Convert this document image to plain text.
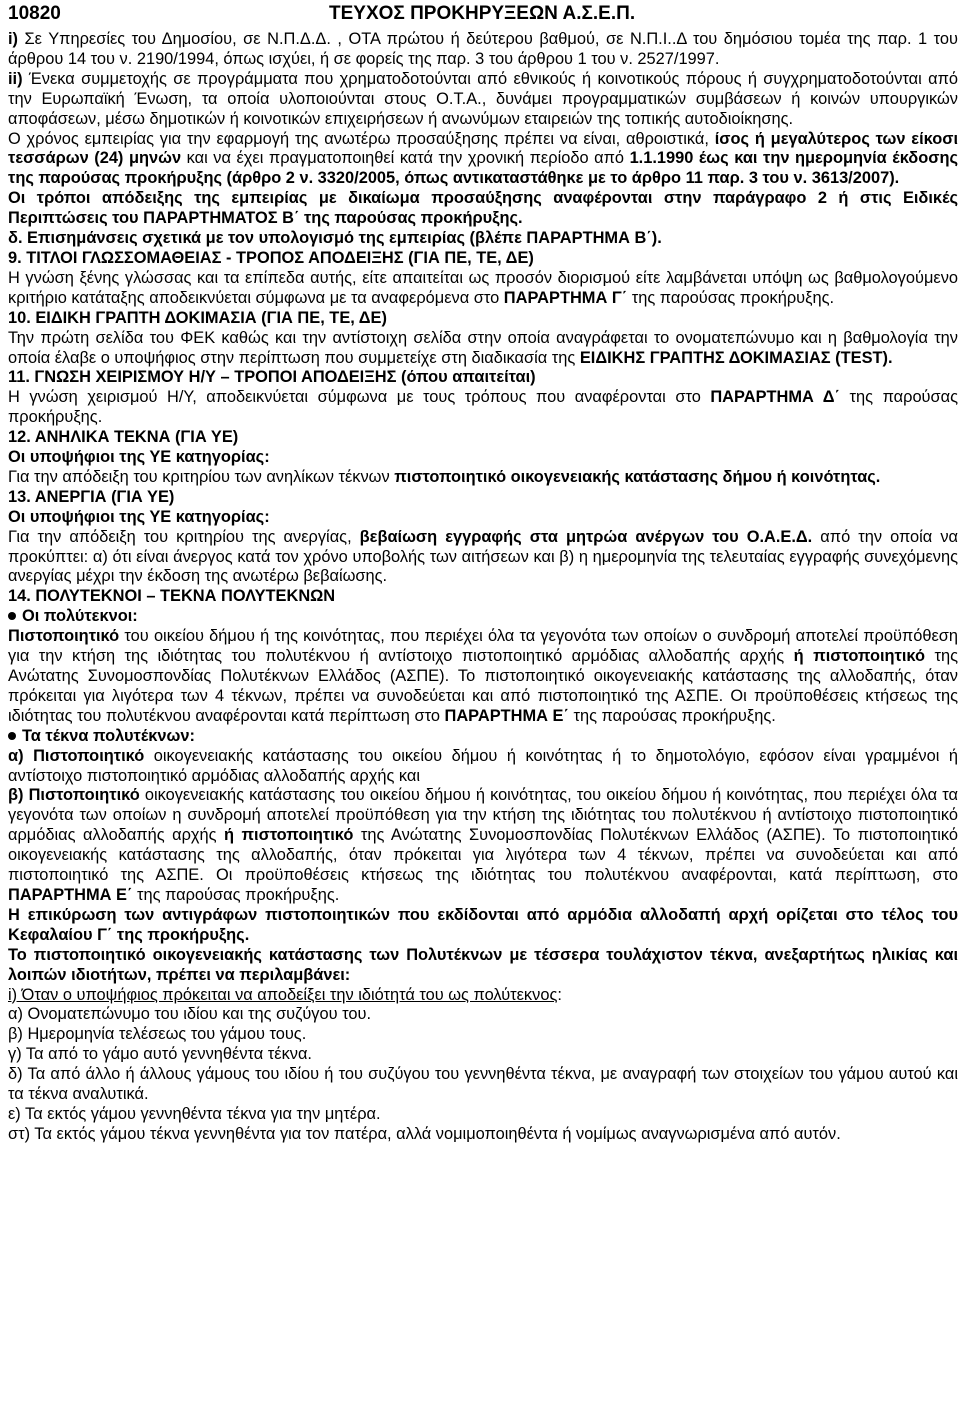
10820	ΤΕΥΧΟΣ ΠΡΟΚΗΡΥΞΕΩΝ Α.Σ.Ε.Π.

i) Σε Υπηρεσίες του Δημοσίου, σε Ν.Π.Δ.Δ. , ΟΤΑ πρώτου ή δεύτερου βαθμού, σε Ν.Π.Ι..Δ του δημόσιου τομέα της παρ. 1 του άρθρου 14 του ν. 2190/1994, όπως ισχύει, ή σε φορείς της παρ. 3 του άρθρου 1 του ν. 2527/1997.

ii) Ένεκα συμμετοχής σε προγράμματα που χρηματοδοτούνται από εθνικούς ή κοινοτικούς πόρους ή συγχρηματοδοτούνται από την Ευρωπαϊκή Ένωση, τα οποία υλοποιούνται στους Ο.Τ.Α., δυνάμει προγραμματικών συμβάσεων ή κοινών υπουργικών αποφάσεων, μέσω δημοτικών ή κοινοτικών επιχειρήσεων ή ανωνύμων εταιρειών της τοπικής αυτοδιοίκησης.

Ο χρόνος εμπειρίας για την εφαρμογή της ανωτέρω προσαύξησης πρέπει να είναι, αθροιστικά, ίσος ή μεγαλύτερος των είκοσι τεσσάρων (24) μηνών και να έχει πραγματοποιηθεί κατά την χρονική περίοδο από 1.1.1990 έως και την ημερομηνία έκδοσης της παρούσας προκήρυξης (άρθρο 2 ν. 3320/2005, όπως αντικαταστάθηκε με το άρθρο 11 παρ. 3 του ν. 3613/2007).

Οι τρόποι απόδειξης της εμπειρίας με δικαίωμα προσαύξησης αναφέρονται στην παράγραφο 2 ή στις Ειδικές Περιπτώσεις του ΠΑΡΑΡΤΗΜΑΤΟΣ Β΄ της παρούσας προκήρυξης.

δ. Επισημάνσεις σχετικά με τον υπολογισμό της εμπειρίας (βλέπε ΠΑΡΑΡΤΗΜΑ Β΄).

9. ΤΙΤΛΟΙ ΓΛΩΣΣΟΜΑΘΕΙΑΣ - ΤΡΟΠΟΣ ΑΠΟΔΕΙΞΗΣ (ΓΙΑ ΠΕ, ΤΕ, ΔΕ)

Η γνώση ξένης γλώσσας και τα επίπεδα αυτής, είτε απαιτείται ως προσόν διορισμού είτε λαμβάνεται υπόψη ως βαθμολογούμενο κριτήριο κατάταξης αποδεικνύεται σύμφωνα με τα αναφερόμενα στο ΠΑΡΑΡΤΗΜΑ Γ΄ της παρούσας προκήρυξης.

10. ΕΙΔΙΚΗ ΓΡΑΠΤΗ ΔΟΚΙΜΑΣΙΑ (ΓΙΑ ΠΕ, ΤΕ, ΔΕ)

Την πρώτη σελίδα του ΦΕΚ καθώς και την αντίστοιχη σελίδα στην οποία αναγράφεται το ονοματεπώνυμο και η βαθμολογία την οποία έλαβε ο υποψήφιος στην περίπτωση που συμμετείχε στη διαδικασία της ΕΙΔΙΚΗΣ ΓΡΑΠΤΗΣ ΔΟΚΙΜΑΣΙΑΣ (TEST).

11. ΓΝΩΣΗ ΧΕΙΡΙΣΜΟΥ Η/Υ – ΤΡΟΠΟΙ ΑΠΟΔΕΙΞΗΣ (όπου απαιτείται)

Η γνώση χειρισμού Η/Υ, αποδεικνύεται σύμφωνα με τους τρόπους που αναφέρονται στο ΠΑΡΑΡΤΗΜΑ Δ΄ της παρούσας προκήρυξης.

12. ΑΝΗΛΙΚΑ ΤΕΚΝΑ (ΓΙΑ ΥΕ)

Οι υποψήφιοι της ΥΕ κατηγορίας:

Για την απόδειξη του κριτηρίου των ανηλίκων τέκνων πιστοποιητικό οικογενειακής κατάστασης δήμου ή κοινότητας.

13. ΑΝΕΡΓΙΑ (ΓΙΑ ΥΕ)

Οι υποψήφιοι της ΥΕ κατηγορίας:

Για την απόδειξη του κριτηρίου της ανεργίας, βεβαίωση εγγραφής στα μητρώα ανέργων του Ο.Α.Ε.Δ. από την οποία να προκύπτει: α) ότι είναι άνεργος κατά τον χρόνο υποβολής των αιτήσεων και β) η ημερομηνία της τελευταίας εγγραφής συνεχόμενης ανεργίας μέχρι την έκδοση της ανωτέρω βεβαίωσης.

14. ΠΟΛΥΤΕΚΝΟΙ – ΤΕΚΝΑ ΠΟΛΥΤΕΚΝΩΝ

Οι πολύτεκνοι:

Πιστοποιητικό του οικείου δήμου ή της κοινότητας, που περιέχει όλα τα γεγονότα των οποίων ο συνδρομή αποτελεί προϋπόθεση για την κτήση της ιδιότητας του πολυτέκνου ή αντίστοιχο πιστοποιητικό αρμόδιας αλλοδαπής αρχής ή πιστοποιητικό της Ανώτατης Συνομοσπονδίας Πολυτέκνων Ελλάδος (ΑΣΠΕ). Το πιστοποιητικό οικογενειακής κατάστασης της αλλοδαπής, όταν πρόκειται για λιγότερα των 4 τέκνων, πρέπει να συνοδεύεται και από πιστοποιητικό της ΑΣΠΕ. Οι προϋποθέσεις κτήσεως της ιδιότητας του πολυτέκνου αναφέρονται κατά περίπτωση στο ΠΑΡΑΡΤΗΜΑ Ε΄ της παρούσας προκήρυξης.

Τα τέκνα πολυτέκνων:

α) Πιστοποιητικό οικογενειακής κατάστασης του οικείου δήμου ή κοινότητας ή το δημοτολόγιο, εφόσον είναι γραμμένοι ή αντίστοιχο πιστοποιητικό αρμόδιας αλλοδαπής αρχής και

β) Πιστοποιητικό οικογενειακής κατάστασης του οικείου δήμου ή κοινότητας, του οικείου δήμου ή κοινότητας, που περιέχει όλα τα γεγονότα των οποίων η συνδρομή αποτελεί προϋπόθεση για την κτήση της ιδιότητας του πολυτέκνου ή αντίστοιχο πιστοποιητικό αρμόδιας αλλοδαπής αρχής ή πιστοποιητικό της Ανώτατης Συνομοσπονδίας Πολυτέκνων Ελλάδος (ΑΣΠΕ). Το πιστοποιητικό οικογενειακής κατάστασης της αλλοδαπής, όταν πρόκειται για λιγότερα των 4 τέκνων, πρέπει να συνοδεύεται και από πιστοποιητικό της ΑΣΠΕ. Οι προϋποθέσεις κτήσεως της ιδιότητας του πολυτέκνου αναφέρονται, κατά περίπτωση, στο ΠΑΡΑΡΤΗΜΑ Ε΄ της παρούσας προκήρυξης.

Η επικύρωση των αντιγράφων πιστοποιητικών που εκδίδονται από αρμόδια αλλοδαπή αρχή ορίζεται στο τέλος του Κεφαλαίου Γ΄ της προκήρυξης.

Το πιστοποιητικό οικογενειακής κατάστασης των Πολυτέκνων με τέσσερα τουλάχιστον τέκνα, ανεξαρτήτως ηλικίας και λοιπών ιδιοτήτων, πρέπει να περιλαμβάνει:

i) Όταν ο υποψήφιος πρόκειται να αποδείξει την ιδιότητά του ως πολύτεκνος:

α) Ονοματεπώνυμο του ιδίου και της συζύγου του.

β) Ημερομηνία τελέσεως του γάμου τους.

γ) Τα από το γάμο αυτό γεννηθέντα τέκνα.

δ) Τα από άλλο ή άλλους γάμους του ιδίου ή του συζύγου του γεννηθέντα τέκνα, με αναγραφή των στοιχείων του γάμου αυτού και τα τέκνα αναλυτικά.

ε) Τα εκτός γάμου γεννηθέντα τέκνα για την μητέρα.

στ) Τα εκτός γάμου τέκνα γεννηθέντα για τον πατέρα, αλλά νομιμοποιηθέντα ή νομίμως αναγνωρισμένα από αυτόν.
